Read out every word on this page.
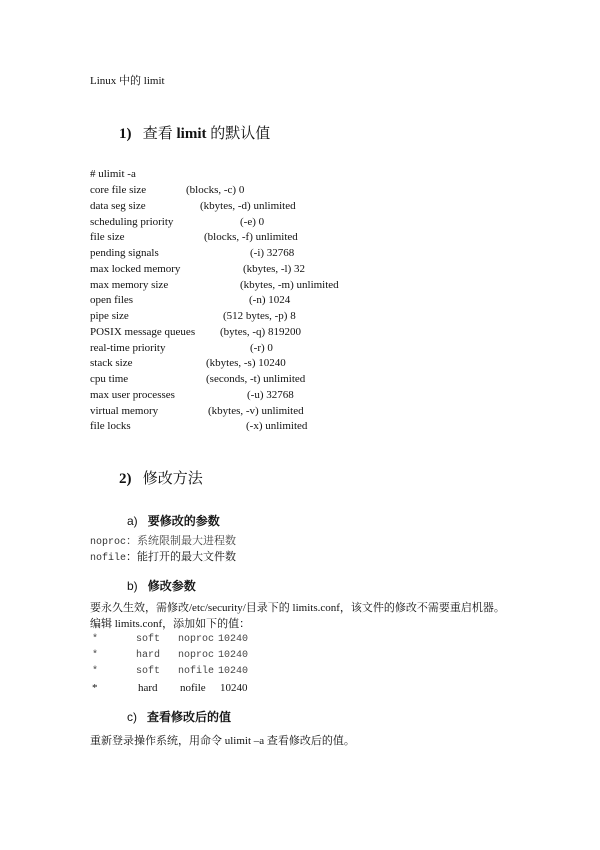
Linux 中的 limit
1) 查看 limit 的默认值
# ulimit -a
core file size	(blocks, -c) 0
data seg size	(kbytes, -d) unlimited
scheduling priority	(-e) 0
file size	(blocks, -f) unlimited
pending signals	(-i) 32768
max locked memory	(kbytes, -l) 32
max memory size	(kbytes, -m) unlimited
open files	(-n) 1024
pipe size	(512 bytes, -p) 8
POSIX message queues (bytes, -q) 819200
real-time priority	(-r) 0
stack size	(kbytes, -s) 10240
cpu time	(seconds, -t) unlimited
max user processes	(-u) 32768
virtual memory	(kbytes, -v) unlimited
file locks	(-x) unlimited
2) 修改方法
a) 要修改的参数
noproc：系统限制最大进程数
nofile：能打开的最大文件数
b) 修改参数
要永久生效，需修改/etc/security/目录下的 limits.conf，该文件的修改不需要重启机器。
编辑 limits.conf，添加如下的值：
*	soft noproc 10240
*	hard noproc 10240
*	soft nofile 10240
*	hard nofile 10240
c) 查看修改后的值
重新登录操作系统，用命令 ulimit –a 查看修改后的值。
